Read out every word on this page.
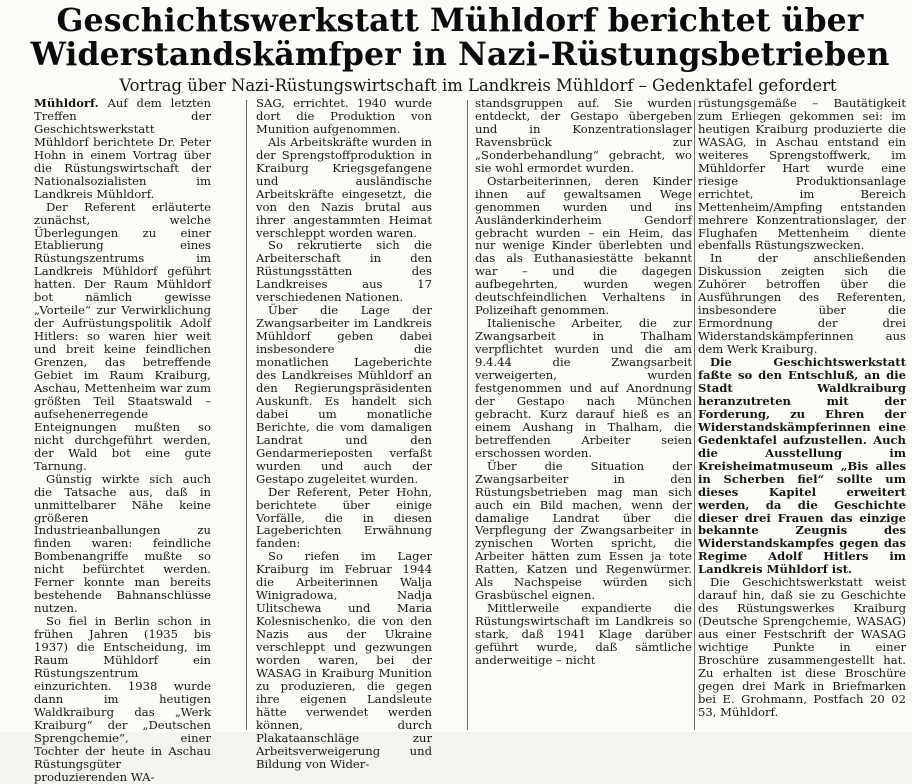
Geschichtswerkstatt Mühldorf berichtet über
Widerstandskämfper in Nazi-Rüstungsbetrieben
Vortrag über Nazi-Rüstungswirtschaft im Landkreis Mühldorf – Gedenktafel gefordert

Mühldorf. Auf dem letzten Treffen der Geschichtswerkstatt Mühldorf berichtete Dr. Peter Hohn in einem Vortrag über die Rüstungswirtschaft der Nationalsozialisten im Landkreis Mühldorf.

Der Referent erläuterte zunächst, welche Überlegungen zu einer Etablierung eines Rüstungszentrums im Landkreis Mühldorf geführt hatten. Der Raum Mühldorf bot nämlich gewisse „Vorteile“ zur Verwirklichung der Aufrüstungspolitik Adolf Hitlers: so waren hier weit und breit keine feindlichen Grenzen, das betreffende Gebiet im Raum Kraiburg, Aschau, Mettenheim war zum größten Teil Staatswald – aufsehenerregende Enteignungen mußten so nicht durchgeführt werden, der Wald bot eine gute Tarnung.

Günstig wirkte sich auch die Tatsache aus, daß in unmittelbarer Nähe keine größeren Industrieanballungen zu finden waren: feindliche Bombenangriffe mußte so nicht befürchtet werden. Ferner konnte man bereits bestehende Bahnanschlüsse nutzen.

So fiel in Berlin schon in frühen Jahren (1935 bis 1937) die Entscheidung, im Raum Mühldorf ein Rüstungszentrum einzurichten. 1938 wurde dann im heutigen Waldkraiburg das „Werk Kraiburg“ der „Deutschen Sprengchemie“, einer Tochter der heute in Aschau Rüstungsgüter produzierenden WA-

SAG, errichtet. 1940 wurde dort die Produktion von Munition aufgenommen.

Als Arbeitskräfte wurden in der Sprengstoffproduktion in Kraiburg Kriegsgefangene und ausländische Arbeitskräfte eingesetzt, die von den Nazis brutal aus ihrer angestammten Heimat verschleppt worden waren.

So rekrutierte sich die Arbeiterschaft in den Rüstungsstätten des Landkreises aus 17 verschiedenen Nationen.

Über die Lage der Zwangsarbeiter im Landkreis Mühldorf geben dabei insbesondere die monatlichen Lageberichte des Landkreises Mühldorf an den Regierungspräsidenten Auskunft. Es handelt sich dabei um monatliche Berichte, die vom damaligen Landrat und den Gendarmerieposten verfaßt wurden und auch der Gestapo zugeleitet wurden.

Der Referent, Peter Hohn, berichtete über einige Vorfälle, die in diesen Lageberichten Erwähnung fanden:

So riefen im Lager Kraiburg im Februar 1944 die Arbeiterinnen Walja Winigradowa, Nadja Ulitschewa und Maria Kolesnischenko, die von den Nazis aus der Ukraine verschleppt und gezwungen worden waren, bei der WASAG in Kraiburg Munition zu produzieren, die gegen ihre eigenen Landsleute hätte verwendet werden können, durch Plakataanschläge zur Arbeitsverweigerung und Bildung von Wider-

standsgruppen auf. Sie wurden entdeckt, der Gestapo übergeben und in Konzentrationslager Ravensbrück zur „Sonderbehandlung“ gebracht, wo sie wohl ermordet wurden.

Ostarbeiterinnen, deren Kinder ihnen auf gewaltsamen Wege genommen wurden und ins Ausländerkinderheim Gendorf gebracht wurden – ein Heim, das nur wenige Kinder überlebten und das als Euthanasiestätte bekannt war – und die dagegen aufbegehrten, wurden wegen deutschfeindlichen Verhaltens in Polizeihaft genommen.

Italienische Arbeiter, die zur Zwangsarbeit in Thalham verpflichtet wurden und die am 9.4.44 die Zwangsarbeit verweigerten, wurden festgenommen und auf Anordnung der Gestapo nach München gebracht. Kurz darauf hieß es an einem Aushang in Thalham, die betreffenden Arbeiter seien erschossen worden.

Über die Situation der Zwangsarbeiter in den Rüstungsbetrieben mag man sich auch ein Bild machen, wenn der damalige Landrat über die Verpflegung der Zwangsarbeiter in zynischen Worten spricht, die Arbeiter hätten zum Essen ja tote Ratten, Katzen und Regenwürmer. Als Nachspeise würden sich Grasbüschel eignen.

Mittlerweile expandierte die Rüstungswirtschaft im Landkreis so stark, daß 1941 Klage darüber geführt wurde, daß sämtliche anderweitige – nicht

rüstungsgemäße – Bautätigkeit zum Erliegen gekommen sei: im heutigen Kraiburg produzierte die WASAG, in Aschau entstand ein weiteres Sprengstoffwerk, im Mühldorfer Hart wurde eine riesige Produktionsanlage errichtet, im Bereich Mettenheim/Ampfing entstanden mehrere Konzentrationslager, der Flughafen Mettenheim diente ebenfalls Rüstungszwecken.

In der anschließenden Diskussion zeigten sich die Zuhörer betroffen über die Ausführungen des Referenten, insbesondere über die Ermordnung der drei Widerstandskämpferinnen aus dem Werk Kraiburg.

Die Geschichtswerkstatt faßte so den Entschluß, an die Stadt Waldkraiburg heranzutreten mit der Forderung, zu Ehren der Widerstandskämpferinnen eine Gedenktafel aufzustellen. Auch die Ausstellung im Kreisheimatmuseum „Bis alles in Scherben fiel“ sollte um dieses Kapitel erweitert werden, da die Geschichte dieser drei Frauen das einzige bekannte Zeugnis des Widerstandskampfes gegen das Regime Adolf Hitlers im Landkreis Mühldorf ist.

Die Geschichtswerkstatt weist darauf hin, daß sie zu Geschichte des Rüstungswerkes Kraiburg (Deutsche Sprengchemie, WASAG) aus einer Festschrift der WASAG wichtige Punkte in einer Broschüre zusammengestellt hat. Zu erhalten ist diese Broschüre gegen drei Mark in Briefmarken bei E. Grohmann, Postfach 20 02 53, Mühldorf.
